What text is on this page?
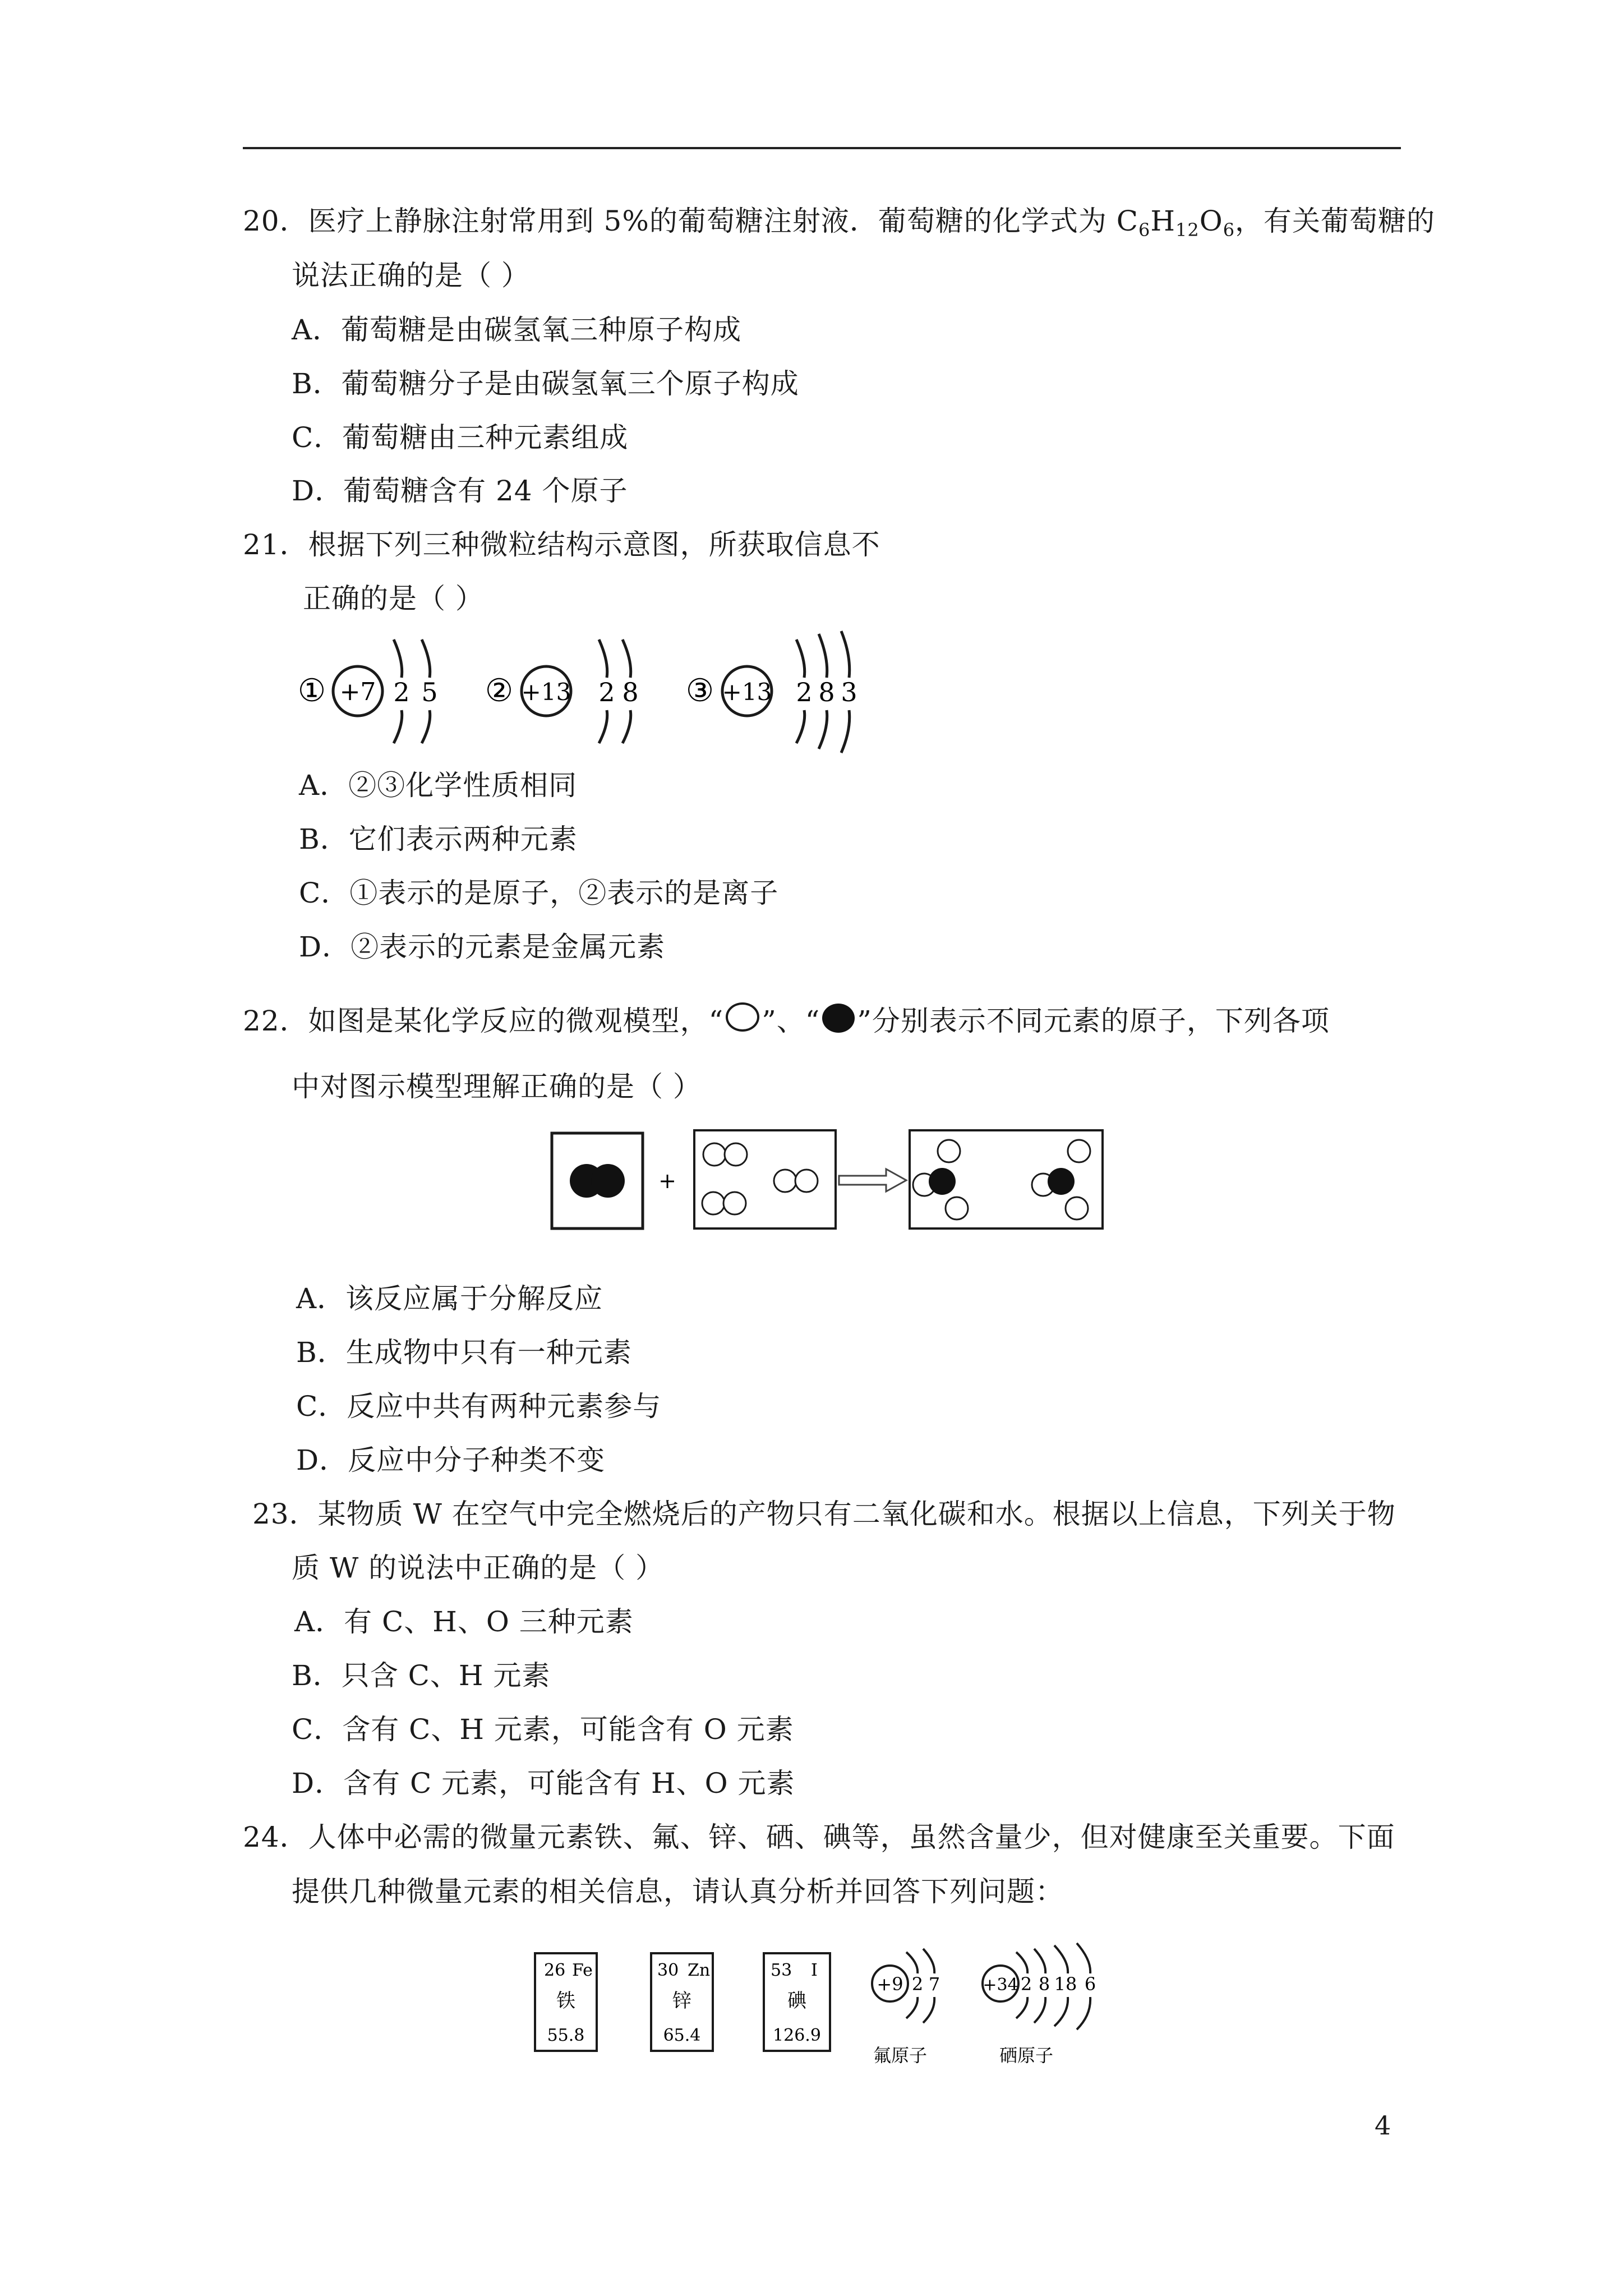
20．医疗上静脉注射常用到 5%的葡萄糖注射液．葡萄糖的化学式为 $C_6H_{12}O_6$，有关葡萄糖的
说法正确的是（ ）
A．葡萄糖是由碳氢氧三种原子构成
B．葡萄糖分子是由碳氢氧三个原子构成
C．葡萄糖由三种元素组成
D．葡萄糖含有 24 个原子
21．根据下列三种微粒结构示意图，所获取信息不
正确的是（ ）
① +7 2 5 ② +13 2 8 ③ +13 2 8 3
A．②③化学性质相同
B．它们表示两种元素
C．①表示的是原子，②表示的是离子
D．②表示的元素是金属元素
22．如图是某化学反应的微观模型，“ ”、“ ”分别表示不同元素的原子，下列各项
中对图示模型理解正确的是（ ）
+
A．该反应属于分解反应
B．生成物中只有一种元素
C．反应中共有两种元素参与
D．反应中分子种类不变
23．某物质 W 在空气中完全燃烧后的产物只有二氧化碳和水。根据以上信息，下列关于物
质 W 的说法中正确的是（ ）
A．有 C、H、O 三种元素
B．只含 C、H 元素
C．含有 C、H 元素，可能含有 O 元素
D．含有 C 元素，可能含有 H、O 元素
24．人体中必需的微量元素铁、氟、锌、硒、碘等，虽然含量少，但对健康至关重要。下面
提供几种微量元素的相关信息，请认真分析并回答下列问题：
26 Fe
铁
55.8
30 Zn
锌
65.4
53 I
碘
126.9
+9 2 7
氟原子
+34 2 8 18 6
硒原子
4
